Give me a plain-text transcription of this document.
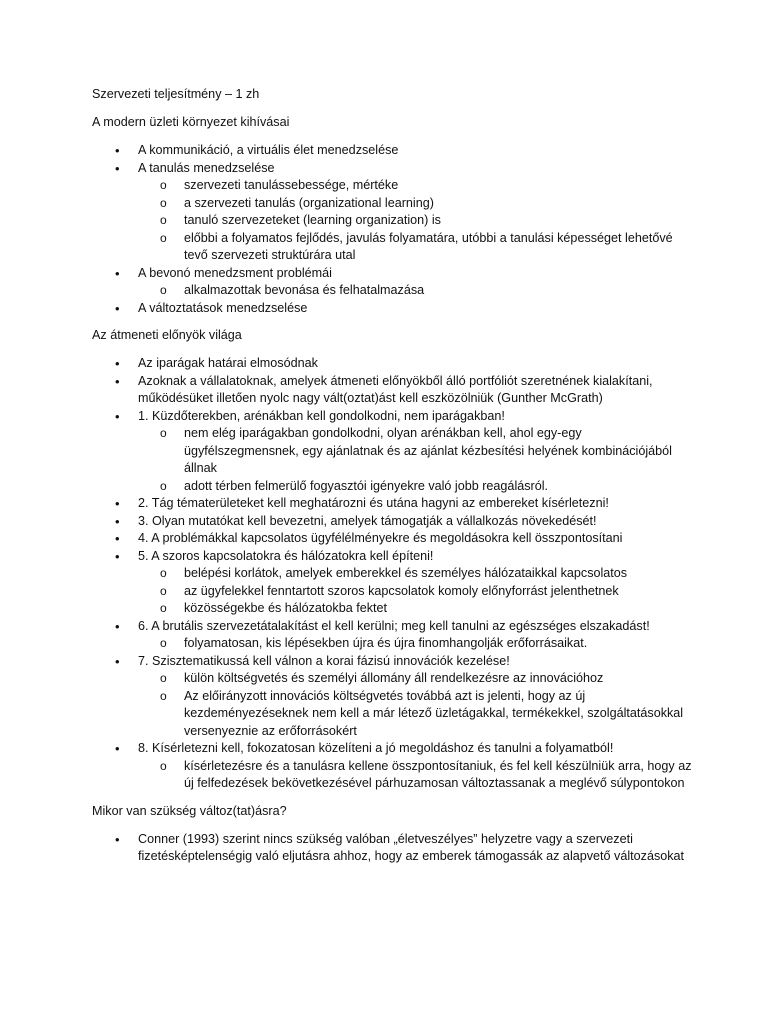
Szervezeti teljesítmény – 1 zh

A modern üzleti környezet kihívásai

• A kommunikáció, a virtuális élet menedzselése
• A tanulás menedzselése
o szervezeti tanulássebessége, mértéke
o a szervezeti tanulás (organizational learning)
o tanuló szervezeteket (learning organization) is
o előbbi a folyamatos fejlődés, javulás folyamatára, utóbbi a tanulási képességet lehetővé tevő szervezeti struktúrára utal
• A bevonó menedzsment problémái
o alkalmazottak bevonása és felhatalmazása
• A változtatások menedzselése

Az átmeneti előnyök világa

• Az iparágak határai elmosódnak
• Azoknak a vállalatoknak, amelyek átmeneti előnyökből álló portfóliót szeretnének kialakítani, működésüket illetően nyolc nagy vált(oztat)ást kell eszközölniük (Gunther McGrath)
• 1. Küzdőterekben, arénákban kell gondolkodni, nem iparágakban!
o nem elég iparágakban gondolkodni, olyan arénákban kell, ahol egy-egy ügyfélszegmensnek, egy ajánlatnak és az ajánlat kézbesítési helyének kombinációjából állnak
o adott térben felmerülő fogyasztói igényekre való jobb reagálásról.
• 2. Tág tématerületeket kell meghatározni és utána hagyni az embereket kísérletezni!
• 3. Olyan mutatókat kell bevezetni, amelyek támogatják a vállalkozás növekedését!
• 4. A problémákkal kapcsolatos ügyfélélményekre és megoldásokra kell összpontosítani
• 5. A szoros kapcsolatokra és hálózatokra kell építeni!
o belépési korlátok, amelyek emberekkel és személyes hálózataikkal kapcsolatos
o az ügyfelekkel fenntartott szoros kapcsolatok komoly előnyforrást jelenthetnek
o közösségekbe és hálózatokba fektet
• 6. A brutális szervezetátalakítást el kell kerülni; meg kell tanulni az egészséges elszakadást!
o folyamatosan, kis lépésekben újra és újra finomhangolják erőforrásaikat.
• 7. Szisztematikussá kell válnon a korai fázisú innovációk kezelése!
o külön költségvetés és személyi állomány áll rendelkezésre az innovációhoz
o Az előirányzott innovációs költségvetés továbbá azt is jelenti, hogy az új kezdeményezéseknek nem kell a már létező üzletágakkal, termékekkel, szolgáltatásokkal versenyeznie az erőforrásokért
• 8. Kísérletezni kell, fokozatosan közelíteni a jó megoldáshoz és tanulni a folyamatból!
o kísérletezésre és a tanulásra kellene összpontosítaniuk, és fel kell készülniük arra, hogy az új felfedezések bekövetkezésével párhuzamosan változtassanak a meglévő súlypontokon

Mikor van szükség változ(tat)ásra?

• Conner (1993) szerint nincs szükség valóban „életveszélyes” helyzetre vagy a szervezeti fizetésképtelenségig való eljutásra ahhoz, hogy az emberek támogassák az alapvető változásokat
